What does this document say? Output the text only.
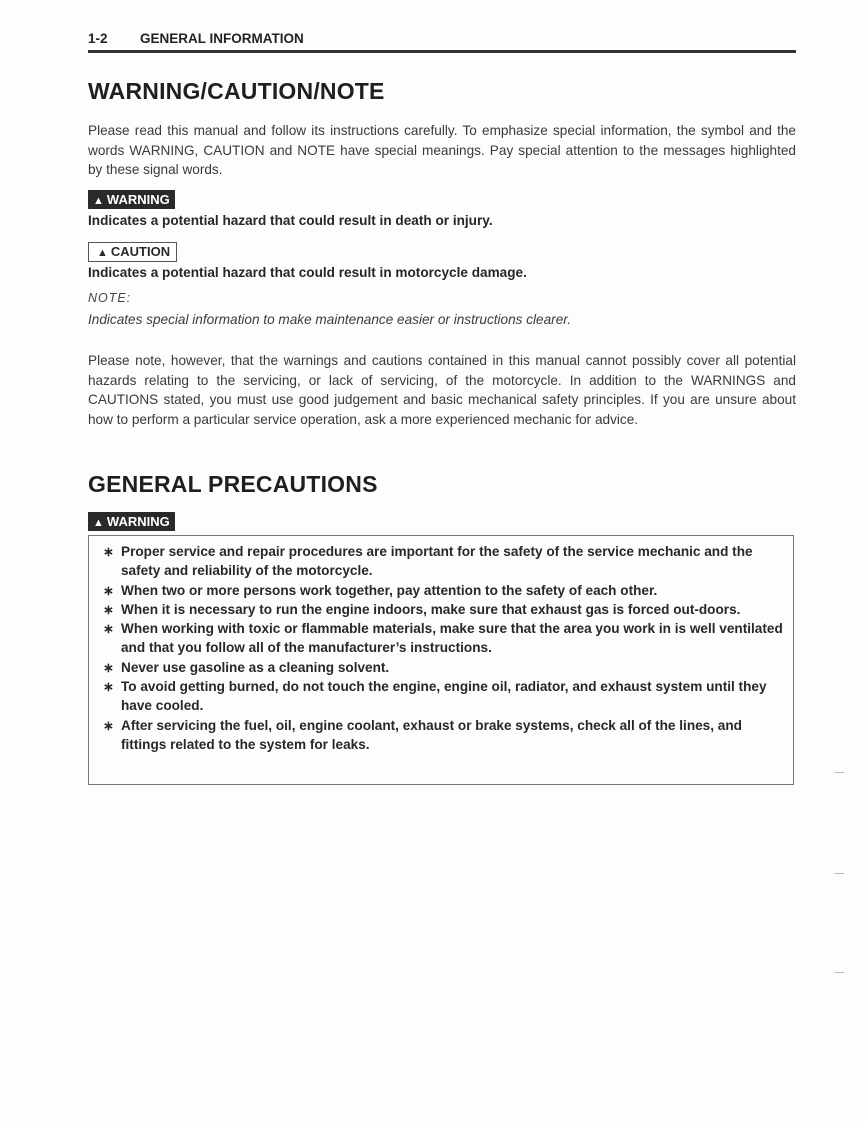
1-2 GENERAL INFORMATION
WARNING/CAUTION/NOTE
Please read this manual and follow its instructions carefully. To emphasize special information, the symbol and the words WARNING, CAUTION and NOTE have special meanings. Pay special attention to the messages highlighted by these signal words.
▲ WARNING
Indicates a potential hazard that could result in death or injury.
▲ CAUTION
Indicates a potential hazard that could result in motorcycle damage.
NOTE:
Indicates special information to make maintenance easier or instructions clearer.
Please note, however, that the warnings and cautions contained in this manual cannot possibly cover all potential hazards relating to the servicing, or lack of servicing, of the motorcycle. In addition to the WARNINGS and CAUTIONS stated, you must use good judgement and basic mechanical safety principles. If you are unsure about how to perform a particular service operation, ask a more experienced mechanic for advice.
GENERAL PRECAUTIONS
▲ WARNING
∗ Proper service and repair procedures are important for the safety of the service mechanic and the safety and reliability of the motorcycle.
∗ When two or more persons work together, pay attention to the safety of each other.
∗ When it is necessary to run the engine indoors, make sure that exhaust gas is forced out-doors.
∗ When working with toxic or flammable materials, make sure that the area you work in is well ventilated and that you follow all of the manufacturer’s instructions.
∗ Never use gasoline as a cleaning solvent.
∗ To avoid getting burned, do not touch the engine, engine oil, radiator, and exhaust system until they have cooled.
∗ After servicing the fuel, oil, engine coolant, exhaust or brake systems, check all of the lines, and fittings related to the system for leaks.
